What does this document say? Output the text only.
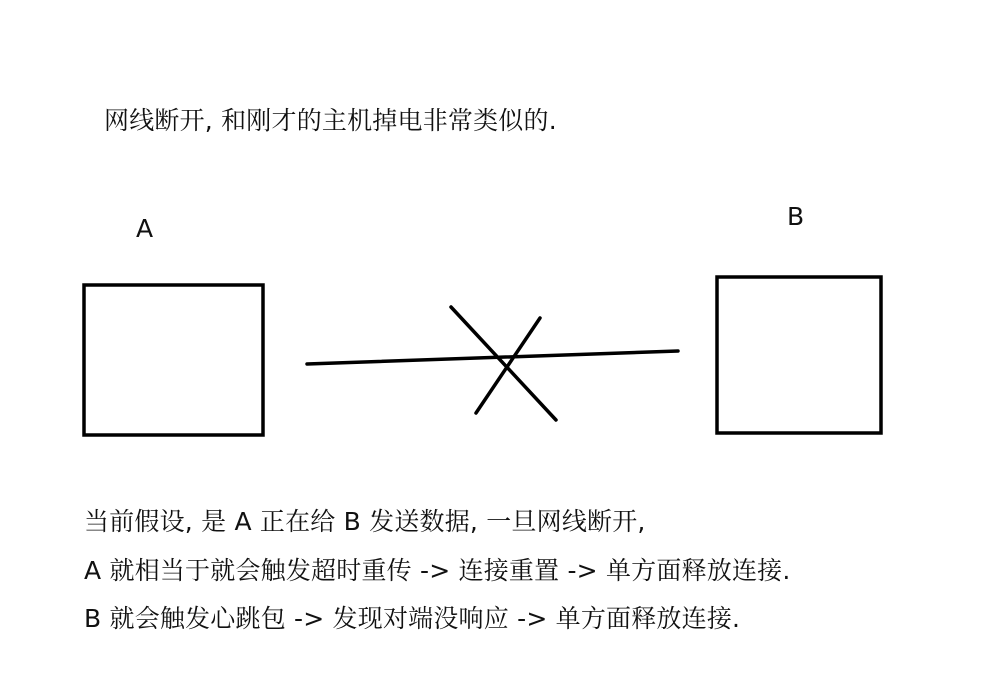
网线断开, 和刚才的主机掉电非常类似的.
A	B
当前假设, 是 A 正在给 B 发送数据, 一旦网线断开,
A 就相当于就会触发超时重传 -> 连接重置 -> 单方面释放连接.
B 就会触发心跳包 -> 发现对端没响应 -> 单方面释放连接.
